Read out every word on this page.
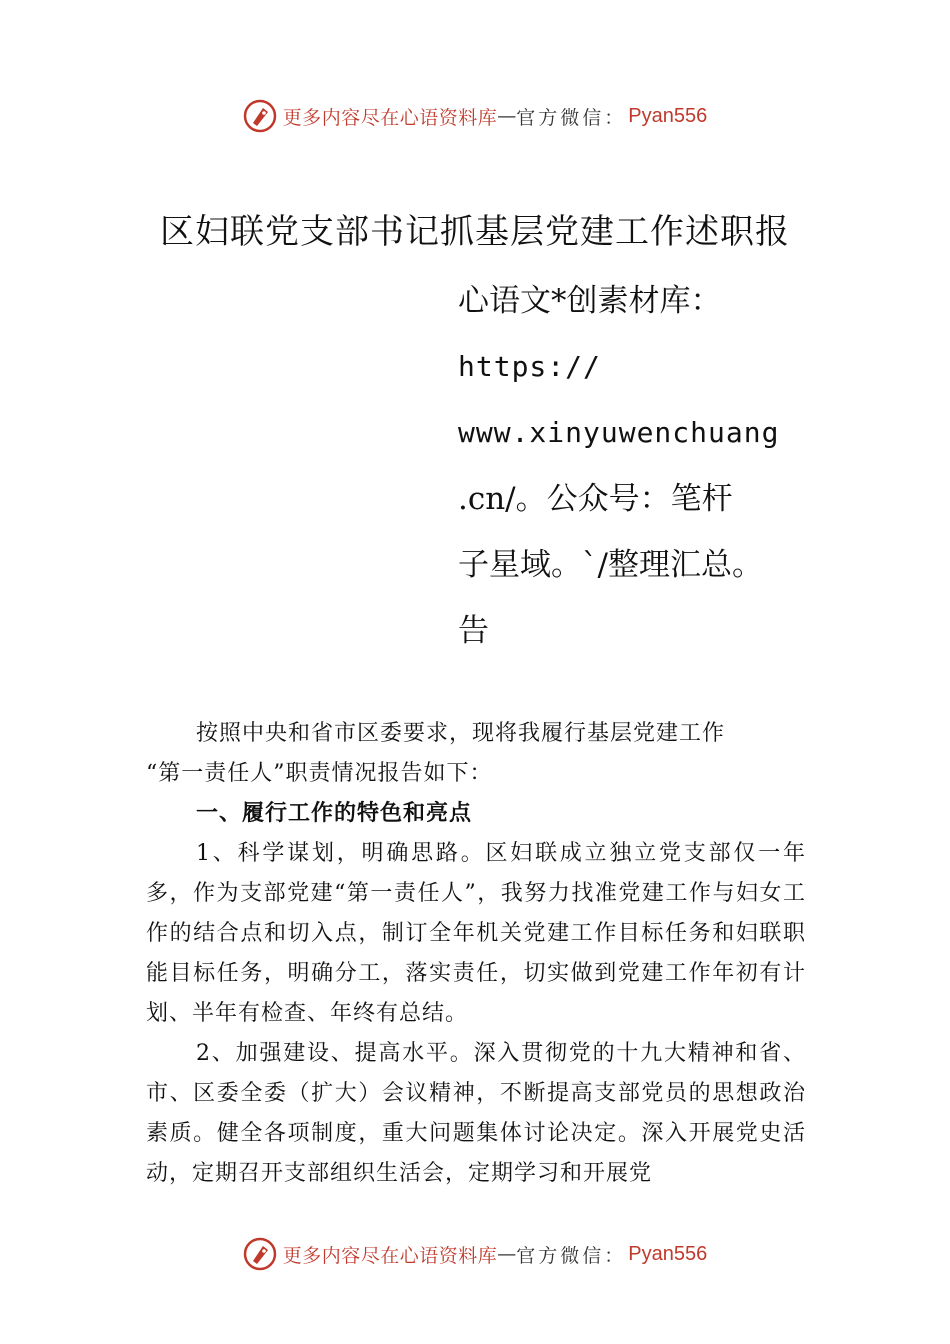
更多内容尽在心语资料库 — 官方微信： Pyan556
区妇联党支部书记抓基层党建工作述职报
心语文*创素材库：
https://
www.xinyuwenchuang
.cn/。公众号：笔杆
子星域。`/整理汇总。
告

按照中央和省市区委要求，现将我履行基层党建工作

“第一责任人”职责情况报告如下：

一、履行工作的特色和亮点

1、科学谋划，明确思路。区妇联成立独立党支部仅一年多，作为支部党建“第一责任人”，我努力找准党建工作与妇女工作的结合点和切入点，制订全年机关党建工作目标任务和妇联职能目标任务，明确分工，落实责任，切实做到党建工作年初有计划、半年有检查、年终有总结。

2、加强建设、提高水平。深入贯彻党的十九大精神和省、市、区委全委（扩大）会议精神，不断提高支部党员的思想政治素质。健全各项制度，重大问题集体讨论决定。深入开展党史活动，定期召开支部组织生活会，定期学习和开展党

更多内容尽在心语资料库 — 官方微信： Pyan556
